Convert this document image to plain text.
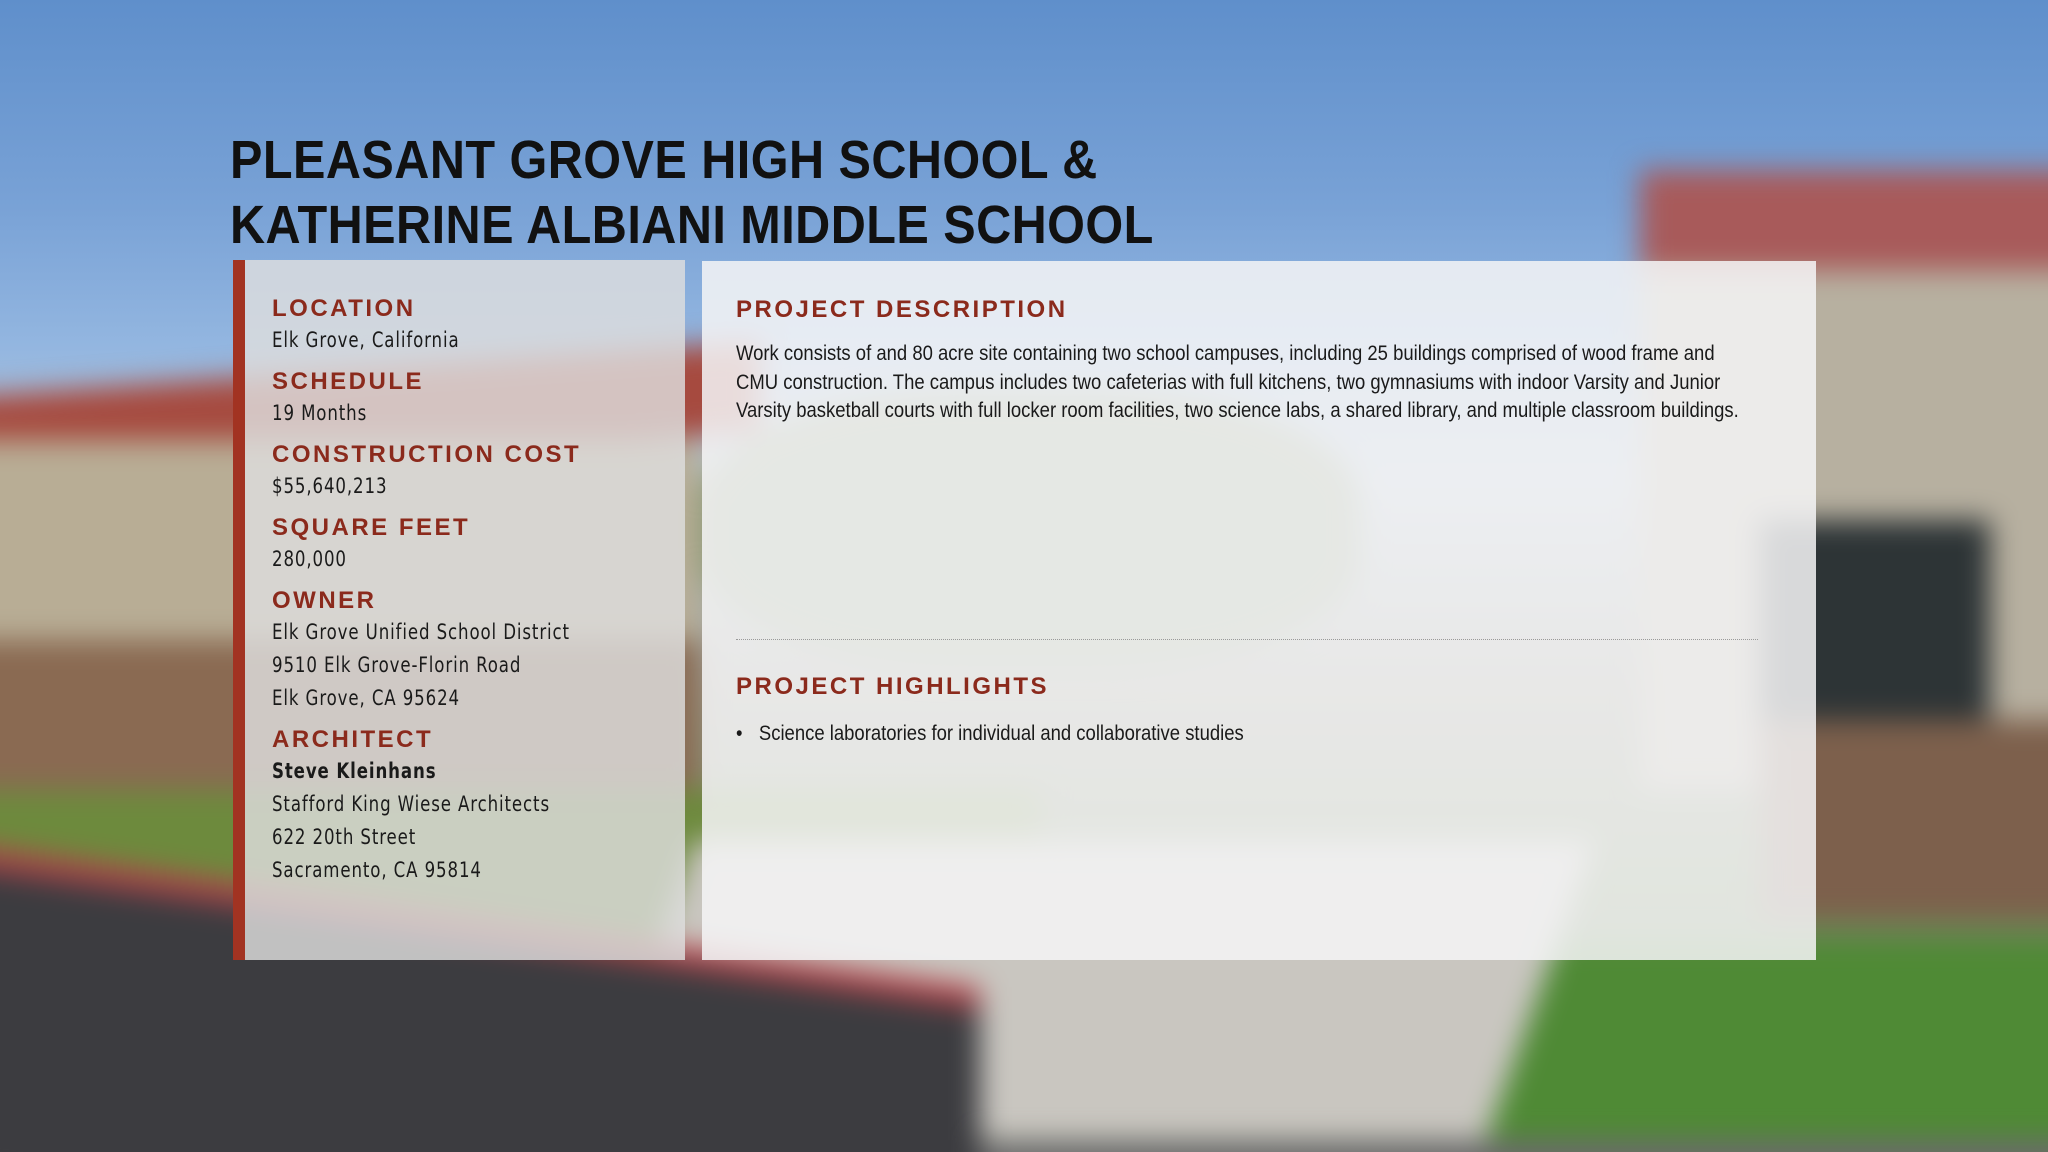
PLEASANT GROVE HIGH SCHOOL &
KATHERINE ALBIANI MIDDLE SCHOOL

LOCATION

Elk Grove, California

SCHEDULE

19 Months

CONSTRUCTION COST

$55,640,213

SQUARE FEET

280,000

OWNER

Elk Grove Unified School District
9510 Elk Grove-Florin Road
Elk Grove, CA 95624

ARCHITECT

Steve Kleinhans
Stafford King Wiese Architects
622 20th Street
Sacramento, CA 95814

PROJECT DESCRIPTION

Work consists of and 80 acre site containing two school campuses, including 25 buildings comprised of wood frame and CMU construction. The campus includes two cafeterias with full kitchens, two gymnasiums with indoor Varsity and Junior Varsity basketball courts with full locker room facilities, two science labs, a shared library, and multiple classroom buildings.

PROJECT HIGHLIGHTS
• Science laboratories for individual and collaborative studies
